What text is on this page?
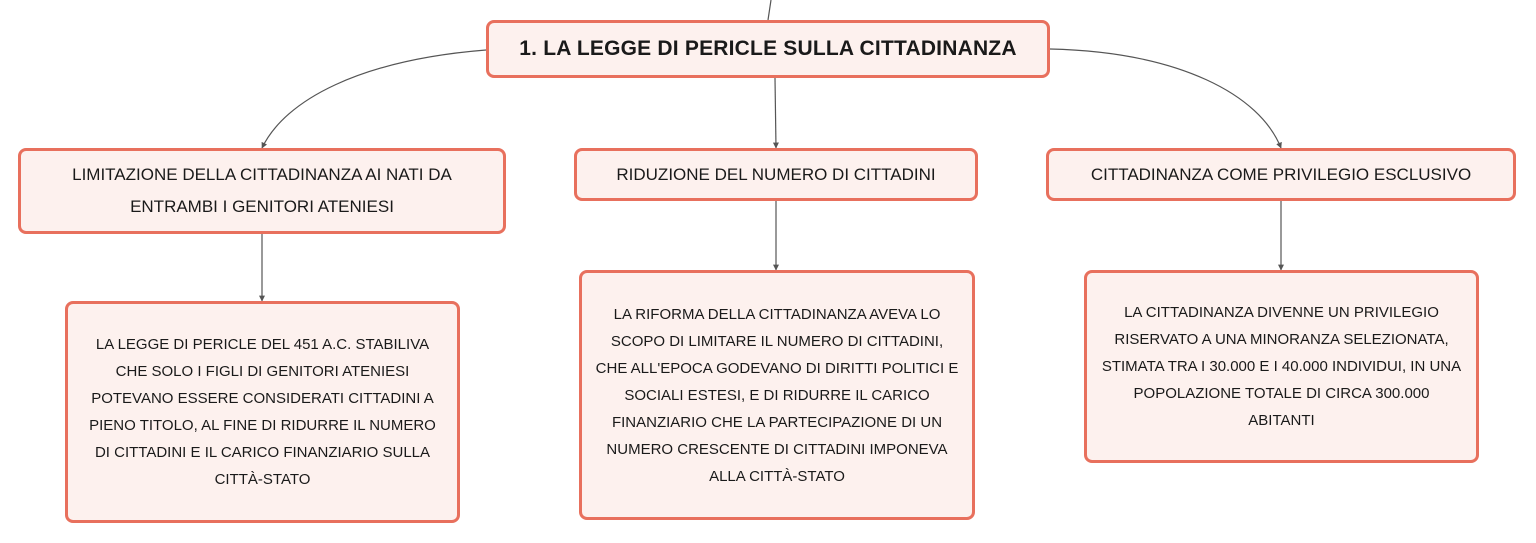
1. LA LEGGE DI PERICLE SULLA CITTADINANZA
LIMITAZIONE DELLA CITTADINANZA AI NATI DA ENTRAMBI I GENITORI ATENIESI
RIDUZIONE DEL NUMERO DI CITTADINI	CITTADINANZA COME PRIVILEGIO ESCLUSIVO
LA LEGGE DI PERICLE DEL 451 A.C. STABILIVA CHE SOLO I FIGLI DI GENITORI ATENIESI POTEVANO ESSERE CONSIDERATI CITTADINI A PIENO TITOLO, AL FINE DI RIDURRE IL NUMERO DI CITTADINI E IL CARICO FINANZIARIO SULLA CITTÀ-STATO
LA RIFORMA DELLA CITTADINANZA AVEVA LO SCOPO DI LIMITARE IL NUMERO DI CITTADINI, CHE ALL'EPOCA GODEVANO DI DIRITTI POLITICI E SOCIALI ESTESI, E DI RIDURRE IL CARICO FINANZIARIO CHE LA PARTECIPAZIONE DI UN NUMERO CRESCENTE DI CITTADINI IMPONEVA ALLA CITTÀ-STATO
LA CITTADINANZA DIVENNE UN PRIVILEGIO RISERVATO A UNA MINORANZA SELEZIONATA, STIMATA TRA I 30.000 E I 40.000 INDIVIDUI, IN UNA POPOLAZIONE TOTALE DI CIRCA 300.000 ABITANTI
